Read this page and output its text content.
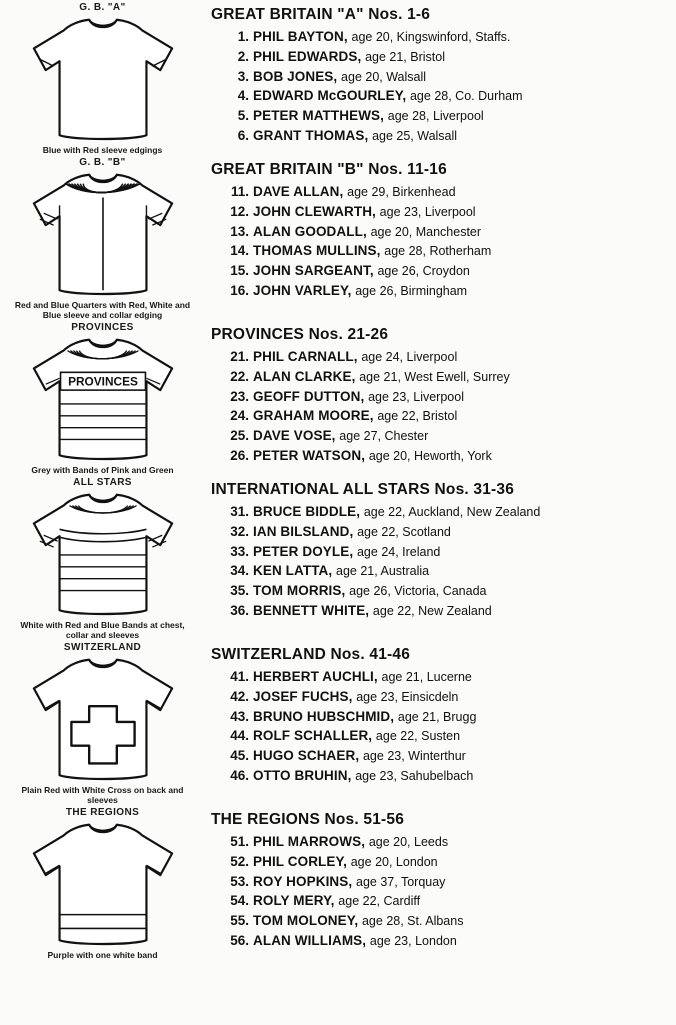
G. B. "A"
Blue with Red sleeve edgings
GREAT BRITAIN "A" Nos. 1-6
1. PHIL BAYTON, age 20, Kingswinford, Staffs.
2. PHIL EDWARDS, age 21, Bristol
3. BOB JONES, age 20, Walsall
4. EDWARD McGOURLEY, age 28, Co. Durham
5. PETER MATTHEWS, age 28, Liverpool
6. GRANT THOMAS, age 25, Walsall
G. B. "B"
Red and Blue Quarters with Red, White and Blue sleeve and collar edging
GREAT BRITAIN "B" Nos. 11-16
11. DAVE ALLAN, age 29, Birkenhead
12. JOHN CLEWARTH, age 23, Liverpool
13. ALAN GOODALL, age 20, Manchester
14. THOMAS MULLINS, age 28, Rotherham
15. JOHN SARGEANT, age 26, Croydon
16. JOHN VARLEY, age 26, Birmingham
PROVINCES
PROVINCES
Grey with Bands of Pink and Green
PROVINCES Nos. 21-26
21. PHIL CARNALL, age 24, Liverpool
22. ALAN CLARKE, age 21, West Ewell, Surrey
23. GEOFF DUTTON, age 23, Liverpool
24. GRAHAM MOORE, age 22, Bristol
25. DAVE VOSE, age 27, Chester
26. PETER WATSON, age 20, Heworth, York
ALL STARS
White with Red and Blue Bands at chest, collar and sleeves
INTERNATIONAL ALL STARS Nos. 31-36
31. BRUCE BIDDLE, age 22, Auckland, New Zealand
32. IAN BILSLAND, age 22, Scotland
33. PETER DOYLE, age 24, Ireland
34. KEN LATTA, age 21, Australia
35. TOM MORRIS, age 26, Victoria, Canada
36. BENNETT WHITE, age 22, New Zealand
SWITZERLAND
Plain Red with White Cross on back and sleeves
SWITZERLAND Nos. 41-46
41. HERBERT AUCHLI, age 21, Lucerne
42. JOSEF FUCHS, age 23, Einsicdeln
43. BRUNO HUBSCHMID, age 21, Brugg
44. ROLF SCHALLER, age 22, Susten
45. HUGO SCHAER, age 23, Winterthur
46. OTTO BRUHIN, age 23, Sahubelbach
THE REGIONS
Purple with one white band
THE REGIONS Nos. 51-56
51. PHIL MARROWS, age 20, Leeds
52. PHIL CORLEY, age 20, London
53. ROY HOPKINS, age 37, Torquay
54. ROLY MERY, age 22, Cardiff
55. TOM MOLONEY, age 28, St. Albans
56. ALAN WILLIAMS, age 23, London
